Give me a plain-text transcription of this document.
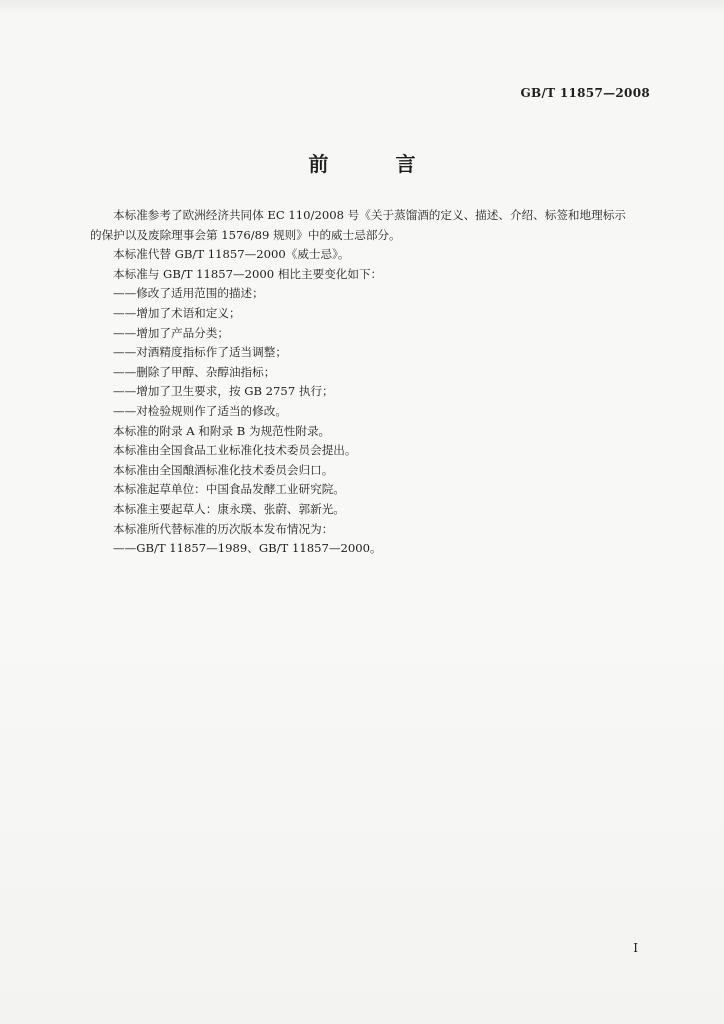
GB/T 11857—2008
前 言

本标准参考了欧洲经济共同体 EC 110/2008 号《关于蒸馏酒的定义、描述、介绍、标签和地理标示

的保护以及废除理事会第 1576/89 规则》中的威士忌部分。

本标准代替 GB/T 11857—2000《威士忌》。

本标准与 GB/T 11857—2000 相比主要变化如下：

——修改了适用范围的描述；

——增加了术语和定义；

——增加了产品分类；

——对酒精度指标作了适当调整；

——删除了甲醇、杂醇油指标；

——增加了卫生要求，按 GB 2757 执行；

——对检验规则作了适当的修改。

本标准的附录 A 和附录 B 为规范性附录。

本标准由全国食品工业标准化技术委员会提出。

本标准由全国酿酒标准化技术委员会归口。

本标准起草单位：中国食品发酵工业研究院。

本标准主要起草人：康永璞、张蔚、郭新光。

本标准所代替标准的历次版本发布情况为：

——GB/T 11857—1989、GB/T 11857—2000。

I
